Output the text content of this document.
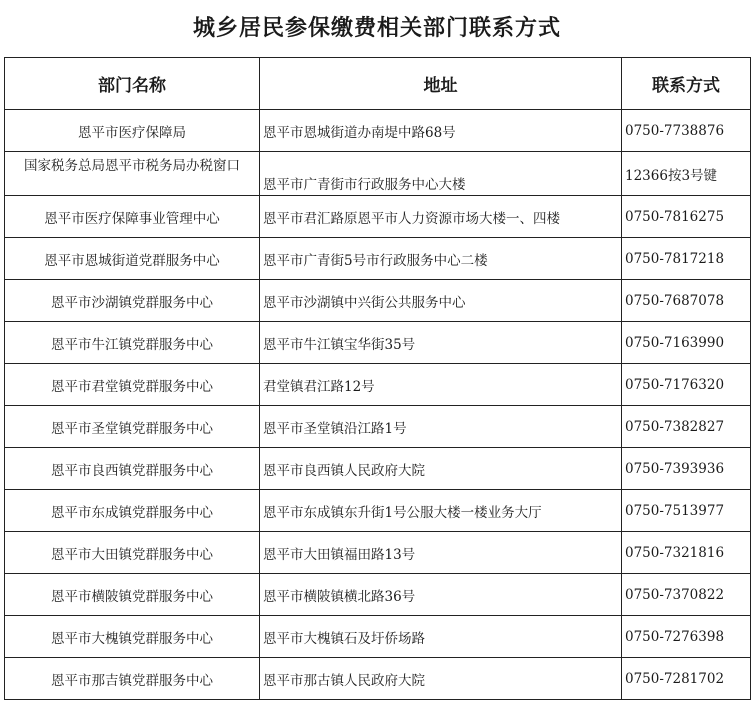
城乡居民参保缴费相关部门联系方式
部门名称	地址	联系方式
恩平市医疗保障局	恩平市恩城街道办南堤中路68号	0750-7738876
国家税务总局恩平市税务局办税窗口	恩平市广青街市行政服务中心大楼	12366按3号键
恩平市医疗保障事业管理中心	恩平市君汇路原恩平市人力资源市场大楼一、四楼	0750-7816275
恩平市恩城街道党群服务中心	恩平市广青街5号市行政服务中心二楼	0750-7817218
恩平市沙湖镇党群服务中心	恩平市沙湖镇中兴街公共服务中心	0750-7687078
恩平市牛江镇党群服务中心	恩平市牛江镇宝华街35号	0750-7163990
恩平市君堂镇党群服务中心	君堂镇君江路12号	0750-7176320
恩平市圣堂镇党群服务中心	恩平市圣堂镇沿江路1号	0750-7382827
恩平市良西镇党群服务中心	恩平市良西镇人民政府大院	0750-7393936
恩平市东成镇党群服务中心	恩平市东成镇东升街1号公服大楼一楼业务大厅	0750-7513977
恩平市大田镇党群服务中心	恩平市大田镇福田路13号	0750-7321816
恩平市横陂镇党群服务中心	恩平市横陂镇横北路36号	0750-7370822
恩平市大槐镇党群服务中心	恩平市大槐镇石及圩侨场路	0750-7276398
恩平市那吉镇党群服务中心	恩平市那古镇人民政府大院	0750-7281702
